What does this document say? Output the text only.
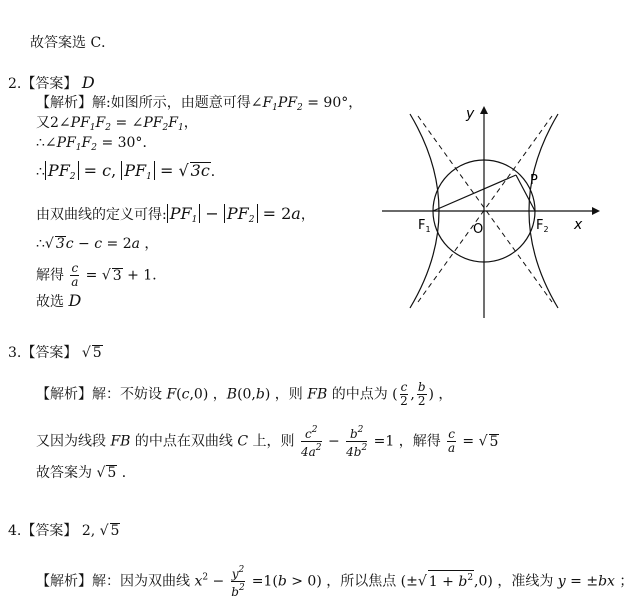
故答案选 C．
2.【答案】 D
【解析】解:如图所示，由题意可得$\angle F_1PF_2 = 90^\circ$，
又$2\angle PF_1F_2$ = $\angle PF_2F_1$，
$\therefore\angle PF_1F_2 = 30^\circ$．
∴ $PF_2 = c$, $PF_1$ = √ 3c．
由双曲线的定义可得: $PF_1 - PF_2 = 2a$，
∴√ 3c − c = 2a ，
解得 $\frac{c}{a}$ = √ 3 + 1．
故选 D
y
x
P
$F_1$	$F_2$
O
3.【答案】 √ 5
【解析】解：不妨设 F(c,0) ，B(0,b) ，则 FB 的中点为 ( $\frac{c}{2}$ , $\frac{b}{2}$ ) ，
又因为线段 FB 的中点在双曲线 C 上，则 $\frac{c^2}{4a^2} - \frac{b^2}{4b^2} =1$ ，解得 $\frac{c}{a}$ = √ 5
故答案为 √ 5 ．
4.【答案】 2, √ 5
【解析】解：因为双曲线 $x^2 - \frac{y^2}{b^2} =1(b > 0)$ ，所以焦点 (±√ $1 + b^2,0$) ，准线为 y = ±bx ；
